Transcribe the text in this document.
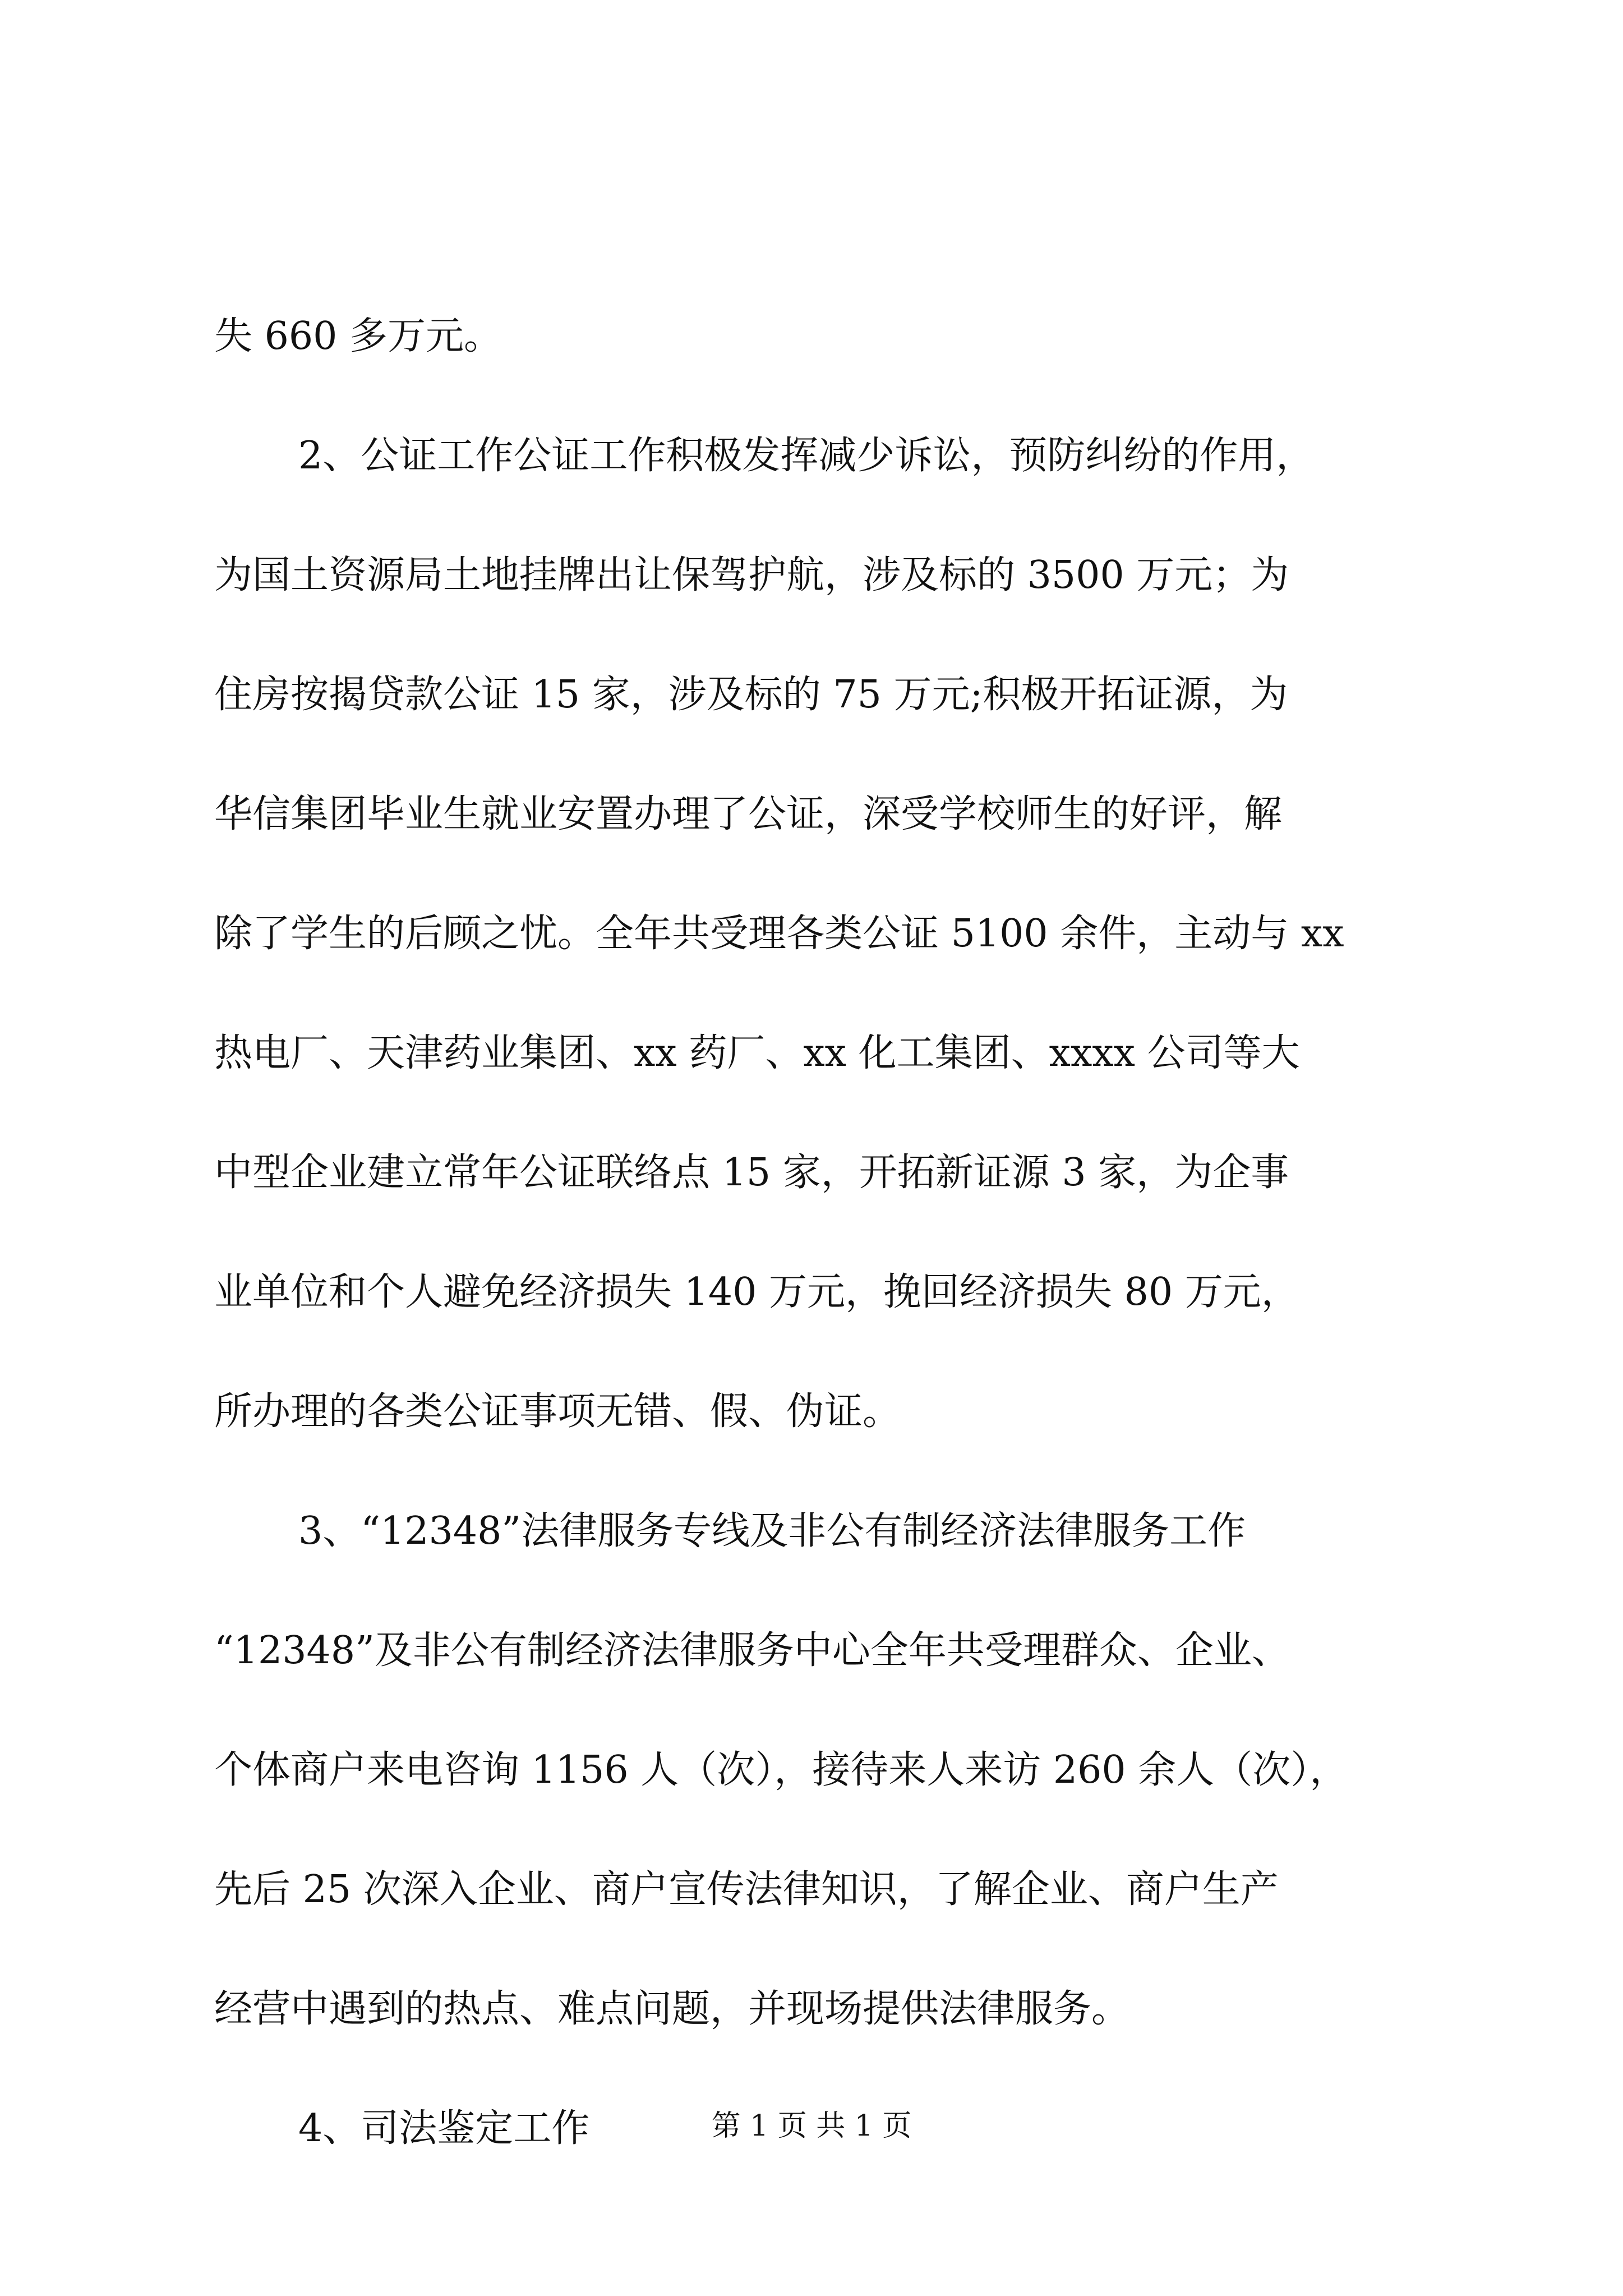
失 660 多万元。
2、公证工作公证工作积极发挥减少诉讼，预防纠纷的作用，
为国土资源局土地挂牌出让保驾护航，涉及标的 3500 万元；为
住房按揭贷款公证 15 家，涉及标的 75 万元;积极开拓证源，为
华信集团毕业生就业安置办理了公证，深受学校师生的好评，解
除了学生的后顾之忧。全年共受理各类公证 5100 余件，主动与 xx
热电厂、天津药业集团、xx 药厂、xx 化工集团、xxxx 公司等大
中型企业建立常年公证联络点 15 家，开拓新证源 3 家，为企事
业单位和个人避免经济损失 140 万元，挽回经济损失 80 万元，
所办理的各类公证事项无错、假、伪证。
3、“12348”法律服务专线及非公有制经济法律服务工作
“12348”及非公有制经济法律服务中心全年共受理群众、企业、
个体商户来电咨询 1156 人（次），接待来人来访 260 余人（次），
先后 25 次深入企业、商户宣传法律知识，了解企业、商户生产
经营中遇到的热点、难点问题，并现场提供法律服务。
4、司法鉴定工作	第 1 页 共 1 页
